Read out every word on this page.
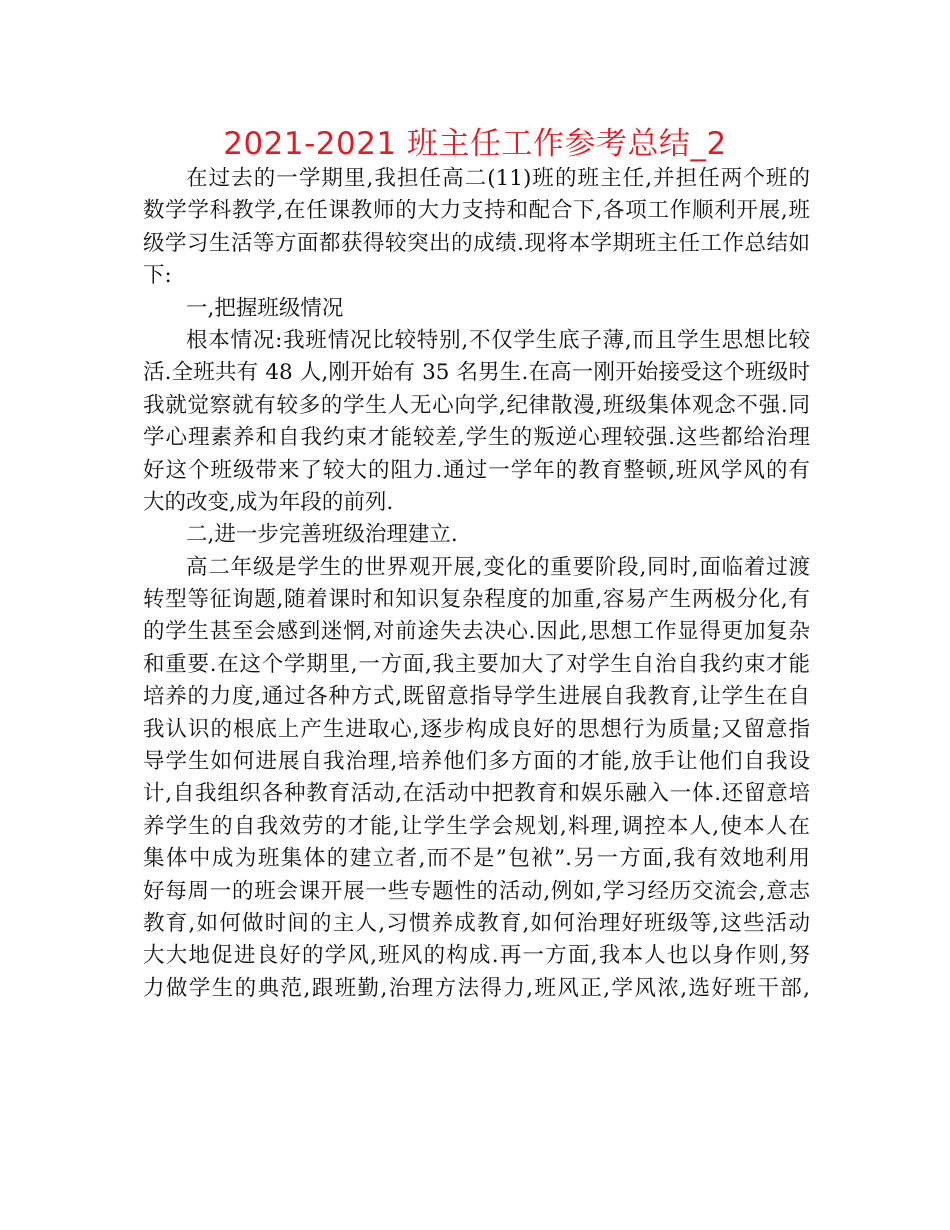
2021-2021 班主任工作参考总结_2
在过去的一学期里,我担任高二(11)班的班主任,并担任两个班的
数学学科教学,在任课教师的大力支持和配合下,各项工作顺利开展,班
级学习生活等方面都获得较突出的成绩.现将本学期班主任工作总结如
下:
一,把握班级情况
根本情况:我班情况比较特别,不仅学生底子薄,而且学生思想比较
活.全班共有 48 人,刚开始有 35 名男生.在高一刚开始接受这个班级时
我就觉察就有较多的学生人无心向学,纪律散漫,班级集体观念不强.同
学心理素养和自我约束才能较差,学生的叛逆心理较强.这些都给治理
好这个班级带来了较大的阻力.通过一学年的教育整顿,班风学风的有
大的改变,成为年段的前列.
二,进一步完善班级治理建立.
高二年级是学生的世界观开展,变化的重要阶段,同时,面临着过渡
转型等征询题,随着课时和知识复杂程度的加重,容易产生两极分化,有
的学生甚至会感到迷惘,对前途失去决心.因此,思想工作显得更加复杂
和重要.在这个学期里,一方面,我主要加大了对学生自治自我约束才能
培养的力度,通过各种方式,既留意指导学生进展自我教育,让学生在自
我认识的根底上产生进取心,逐步构成良好的思想行为质量;又留意指
导学生如何进展自我治理,培养他们多方面的才能,放手让他们自我设
计,自我组织各种教育活动,在活动中把教育和娱乐融入一体.还留意培
养学生的自我效劳的才能,让学生学会规划,料理,调控本人,使本人在
集体中成为班集体的建立者,而不是”包袱”.另一方面,我有效地利用
好每周一的班会课开展一些专题性的活动,例如,学习经历交流会,意志
教育,如何做时间的主人,习惯养成教育,如何治理好班级等,这些活动
大大地促进良好的学风,班风的构成.再一方面,我本人也以身作则,努
力做学生的典范,跟班勤,治理方法得力,班风正,学风浓,选好班干部,
